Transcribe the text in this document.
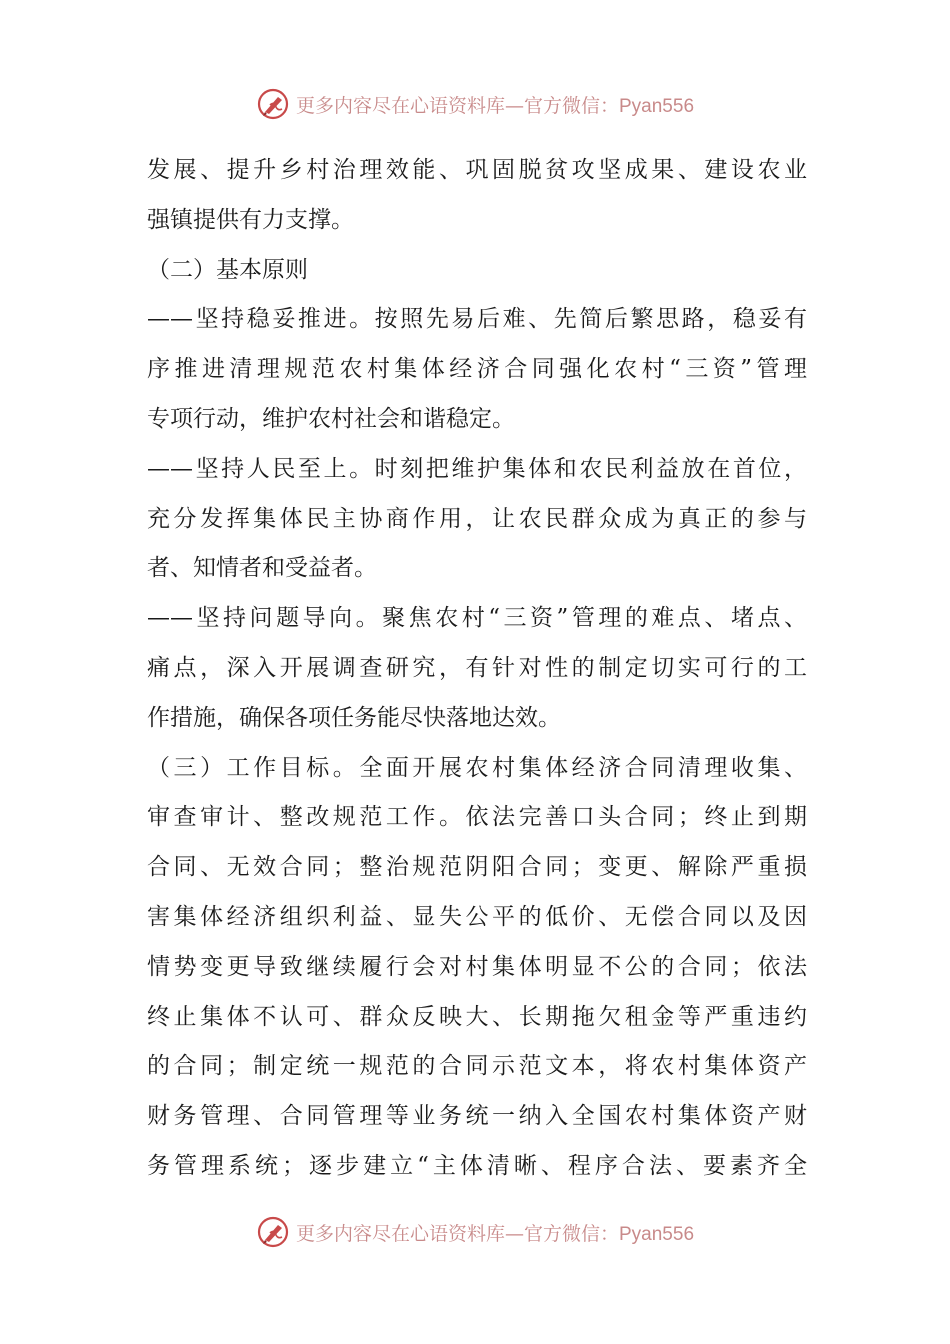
更多内容尽在心语资料库—官方微信：Pyan556
发展、提升乡村治理效能、巩固脱贫攻坚成果、建设农业
强镇提供有力支撑。
（二）基本原则
——坚持稳妥推进。按照先易后难、先简后繁思路，稳妥有
序推进清理规范农村集体经济合同强化农村“三资”管理
专项行动，维护农村社会和谐稳定。
——坚持人民至上。时刻把维护集体和农民利益放在首位，
充分发挥集体民主协商作用，让农民群众成为真正的参与
者、知情者和受益者。
——坚持问题导向。聚焦农村“三资”管理的难点、堵点、
痛点，深入开展调查研究，有针对性的制定切实可行的工
作措施，确保各项任务能尽快落地达效。
（三）工作目标。全面开展农村集体经济合同清理收集、
审查审计、整改规范工作。依法完善口头合同；终止到期
合同、无效合同；整治规范阴阳合同；变更、解除严重损
害集体经济组织利益、显失公平的低价、无偿合同以及因
情势变更导致继续履行会对村集体明显不公的合同；依法
终止集体不认可、群众反映大、长期拖欠租金等严重违约
的合同；制定统一规范的合同示范文本，将农村集体资产
财务管理、合同管理等业务统一纳入全国农村集体资产财
务管理系统；逐步建立“主体清晰、程序合法、要素齐全
更多内容尽在心语资料库—官方微信：Pyan556
